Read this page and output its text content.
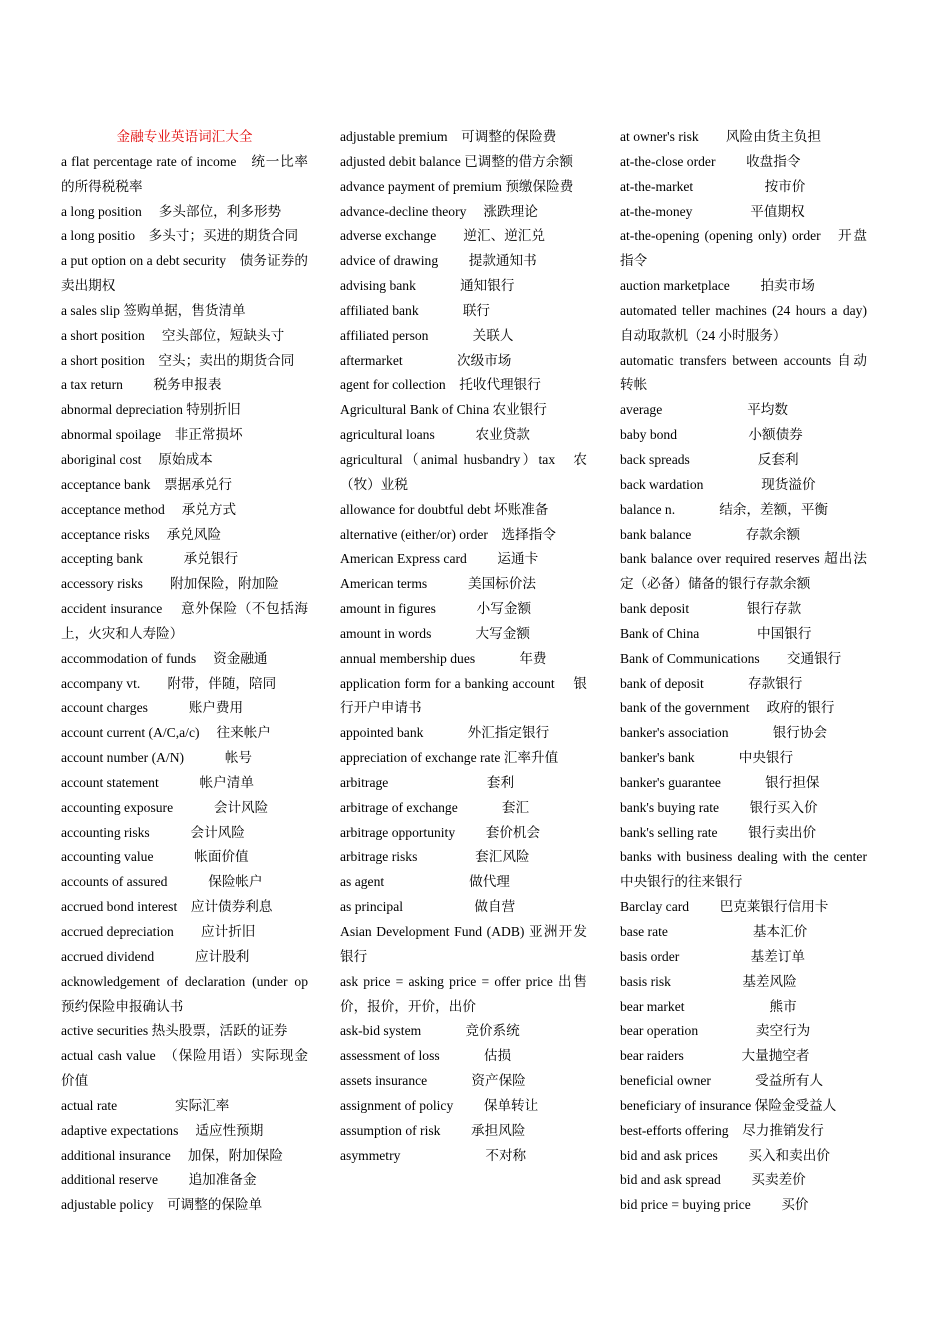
金融专业英语词汇大全
a flat percentage rate of income　统一比率的所得税税率
a long position　 多头部位，利多形势
a long positio　多头寸；买进的期货合同
a put option on a debt security　债务证券的卖出期权
a sales slip 签购单据，售货清单
a short position　 空头部位，短缺头寸
a short position　空头；卖出的期货合同
a tax return　　 税务申报表
abnormal depreciation 特别折旧
abnormal spoilage　非正常损坏
aboriginal cost　 原始成本
acceptance bank　票据承兑行
acceptance method　 承兑方式
acceptance risks　 承兑风险
accepting bank　　　承兑银行
accessory risks　　附加保险，附加险
accident insurance　 意外保险（不包括海上，火灾和人寿险）
accommodation of funds　 资金融通
accompany vt.　　附带，伴随，陪同
account charges　　　账户费用
account current (A/C,a/c)　 往来帐户
account number (A/N)　　　帐号
account statement　　　帐户清单
accounting exposure　　　会计风险
accounting risks　　　会计风险
accounting value　　　帐面价值
accounts of assured　　　保险帐户
accrued bond interest　应计债券利息
accrued depreciation　　应计折旧
accrued dividend　　　应计股利
acknowledgement of declaration (under op 预约保险申报确认书
active securities 热头股票，活跃的证券
actual cash value　（保险用语）实际现金价值
actual rate　　　　 实际汇率
adaptive expectations　 适应性预期
additional insurance　 加保，附加保险
additional reserve　　 追加准备金
adjustable policy　可调整的保险单
adjustable premium　可调整的保险费
adjusted debit balance 已调整的借方余额
advance payment of premium 预缴保险费
advance-decline theory　 涨跌理论
adverse exchange　　逆汇、逆汇兑
advice of drawing　　 提款通知书
advising bank　　　 通知银行
affiliated bank　　　 联行
affiliated person　　　 关联人
aftermarket　　　　次级市场
agent for collection　托收代理银行
Agricultural Bank of China 农业银行
agricultural loans　　　农业贷款
agricultural（animal husbandry）tax　农（牧）业税
allowance for doubtful debt 坏账准备
alternative (either/or) order　选择指令
American Express card　　 运通卡
American terms　　　美国标价法
amount in figures　　　小写金额
amount in words　　　 大写金额
annual membership dues　　　 年费
application form for a banking account　 银行开户申请书
appointed bank　　　 外汇指定银行
appreciation of exchange rate 汇率升值
arbitrage　　　　　　　 套利
arbitrage of exchange　　　 套汇
arbitrage opportunity　　 套价机会
arbitrage risks　　　　 套汇风险
as agent　　　　　　 做代理
as principal　　　　　 做自营
Asian Development Fund (ADB) 亚洲开发银行
ask price = asking price = offer price 出售价，报价，开价，出价
ask-bid system　　　 竞价系统
assessment of loss　　　 估损
assets insurance　　　 资产保险
assignment of policy　　 保单转让
assumption of risk　　 承担风险
asymmetry　　　　　　 不对称
at owner's risk　　风险由货主负担
at-the-close order　　 收盘指令
at-the-market　　　　　 按市价
at-the-money　　　　 平值期权
at-the-opening (opening only) order　开盘指令
auction marketplace　　 拍卖市场
automated teller machines (24 hours a day) 自动取款机（24 小时服务）
automatic transfers between accounts 自动转帐
average　　　　　　 平均数
baby bond　　　　　 小额债券
back spreads　　　　　反套利
back wardation　　　　 现货溢价
balance n.　　　 结余，差额，平衡
bank balance　　　　存款余额
bank balance over required reserves 超出法定（必备）储备的银行存款余额
bank deposit　　　　 银行存款
Bank of China　　　　 中国银行
Bank of Communications　　交通银行
bank of deposit　　　 存款银行
bank of the government　 政府的银行
banker's association　　　 银行协会
banker's bank　　　 中央银行
banker's guarantee　　　 银行担保
bank's buying rate　　 银行买入价
bank's selling rate　　 银行卖出价
banks with business dealing with the center 中央银行的往来银行
Barclay card　　 巴克莱银行信用卡
base rate　　　　　　 基本汇价
basis order　　　　　 基差订单
basis risk　　　　　 基差风险
bear market　　　　　　 熊市
bear operation　　　　 卖空行为
bear raiders　　　　 大量抛空者
beneficial owner　　　 受益所有人
beneficiary of insurance 保险金受益人
best-efforts offering　尽力推销发行
bid and ask prices　　 买入和卖出价
bid and ask spread　　 买卖差价
bid price = buying price　　 买价
